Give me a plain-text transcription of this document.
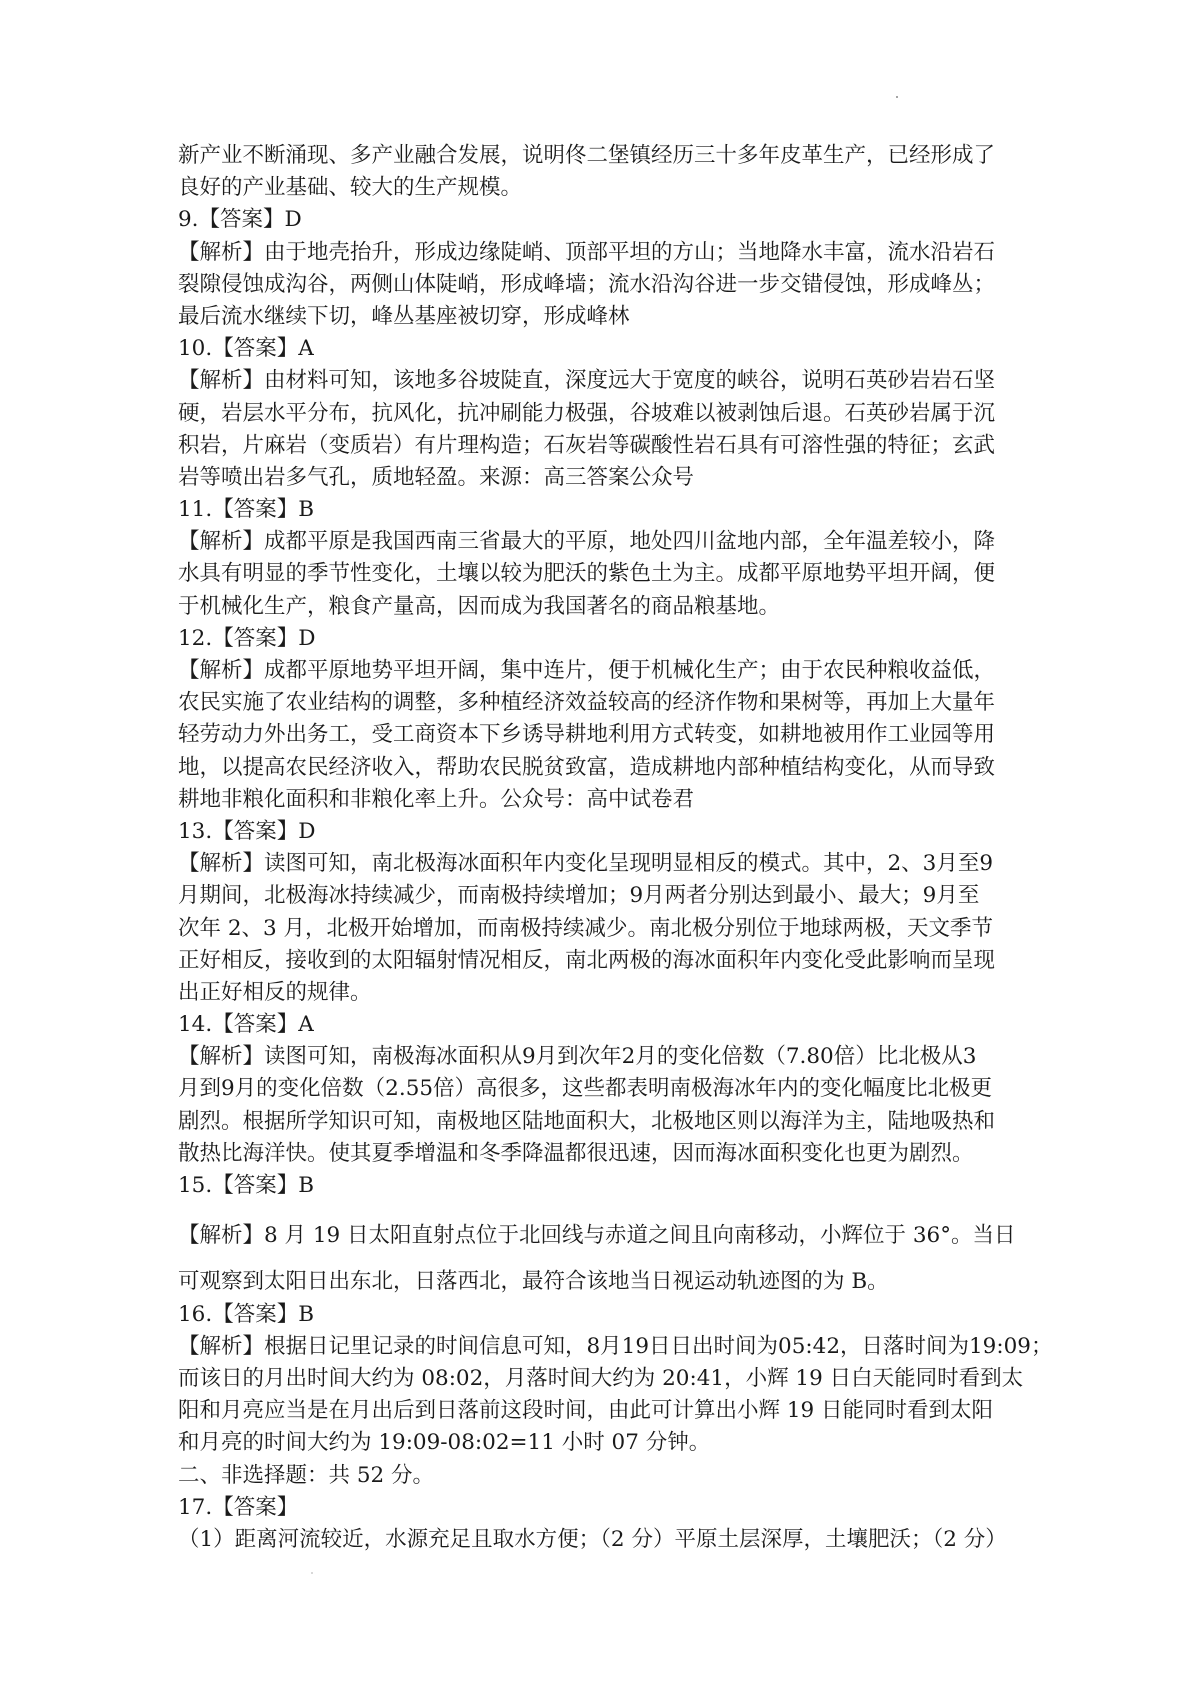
新产业不断涌现、多产业融合发展，说明佟二堡镇经历三十多年皮革生产，已经形成了
良好的产业基础、较大的生产规模。
9.【答案】D
【解析】由于地壳抬升，形成边缘陡峭、顶部平坦的方山；当地降水丰富，流水沿岩石
裂隙侵蚀成沟谷，两侧山体陡峭，形成峰墙；流水沿沟谷进一步交错侵蚀，形成峰丛；
最后流水继续下切，峰丛基座被切穿，形成峰林
10.【答案】A
【解析】由材料可知，该地多谷坡陡直，深度远大于宽度的峡谷，说明石英砂岩岩石坚
硬，岩层水平分布，抗风化，抗冲刷能力极强，谷坡难以被剥蚀后退。石英砂岩属于沉
积岩，片麻岩（变质岩）有片理构造；石灰岩等碳酸性岩石具有可溶性强的特征；玄武
岩等喷出岩多气孔，质地轻盈。来源：高三答案公众号
11.【答案】B
【解析】成都平原是我国西南三省最大的平原，地处四川盆地内部，全年温差较小，降
水具有明显的季节性变化，土壤以较为肥沃的紫色土为主。成都平原地势平坦开阔，便
于机械化生产，粮食产量高，因而成为我国著名的商品粮基地。
12.【答案】D
【解析】成都平原地势平坦开阔，集中连片，便于机械化生产；由于农民种粮收益低，
农民实施了农业结构的调整，多种植经济效益较高的经济作物和果树等，再加上大量年
轻劳动力外出务工，受工商资本下乡诱导耕地利用方式转变，如耕地被用作工业园等用
地，以提高农民经济收入，帮助农民脱贫致富，造成耕地内部种植结构变化，从而导致
耕地非粮化面积和非粮化率上升。公众号：高中试卷君
13.【答案】D
【解析】读图可知，南北极海冰面积年内变化呈现明显相反的模式。其中，2、3月至9
月期间，北极海冰持续减少，而南极持续增加；9月两者分别达到最小、最大；9月至
次年 2、3 月，北极开始增加，而南极持续减少。南北极分别位于地球两极，天文季节
正好相反，接收到的太阳辐射情况相反，南北两极的海冰面积年内变化受此影响而呈现
出正好相反的规律。
14.【答案】A
【解析】读图可知，南极海冰面积从9月到次年2月的变化倍数（7.80倍）比北极从3
月到9月的变化倍数（2.55倍）高很多，这些都表明南极海冰年内的变化幅度比北极更
剧烈。根据所学知识可知，南极地区陆地面积大，北极地区则以海洋为主，陆地吸热和
散热比海洋快。使其夏季增温和冬季降温都很迅速，因而海冰面积变化也更为剧烈。
15.【答案】B
【解析】8 月 19 日太阳直射点位于北回线与赤道之间且向南移动，小辉位于 36°。当日
可观察到太阳日出东北，日落西北，最符合该地当日视运动轨迹图的为 B。
16.【答案】B
【解析】根据日记里记录的时间信息可知，8月19日日出时间为05:42，日落时间为19:09；
而该日的月出时间大约为 08:02，月落时间大约为 20:41，小辉 19 日白天能同时看到太
阳和月亮应当是在月出后到日落前这段时间，由此可计算出小辉 19 日能同时看到太阳
和月亮的时间大约为 19:09-08:02=11 小时 07 分钟。
二、非选择题：共 52 分。
17.【答案】
（1）距离河流较近，水源充足且取水方便；（2 分）平原土层深厚，土壤肥沃；（2 分）
